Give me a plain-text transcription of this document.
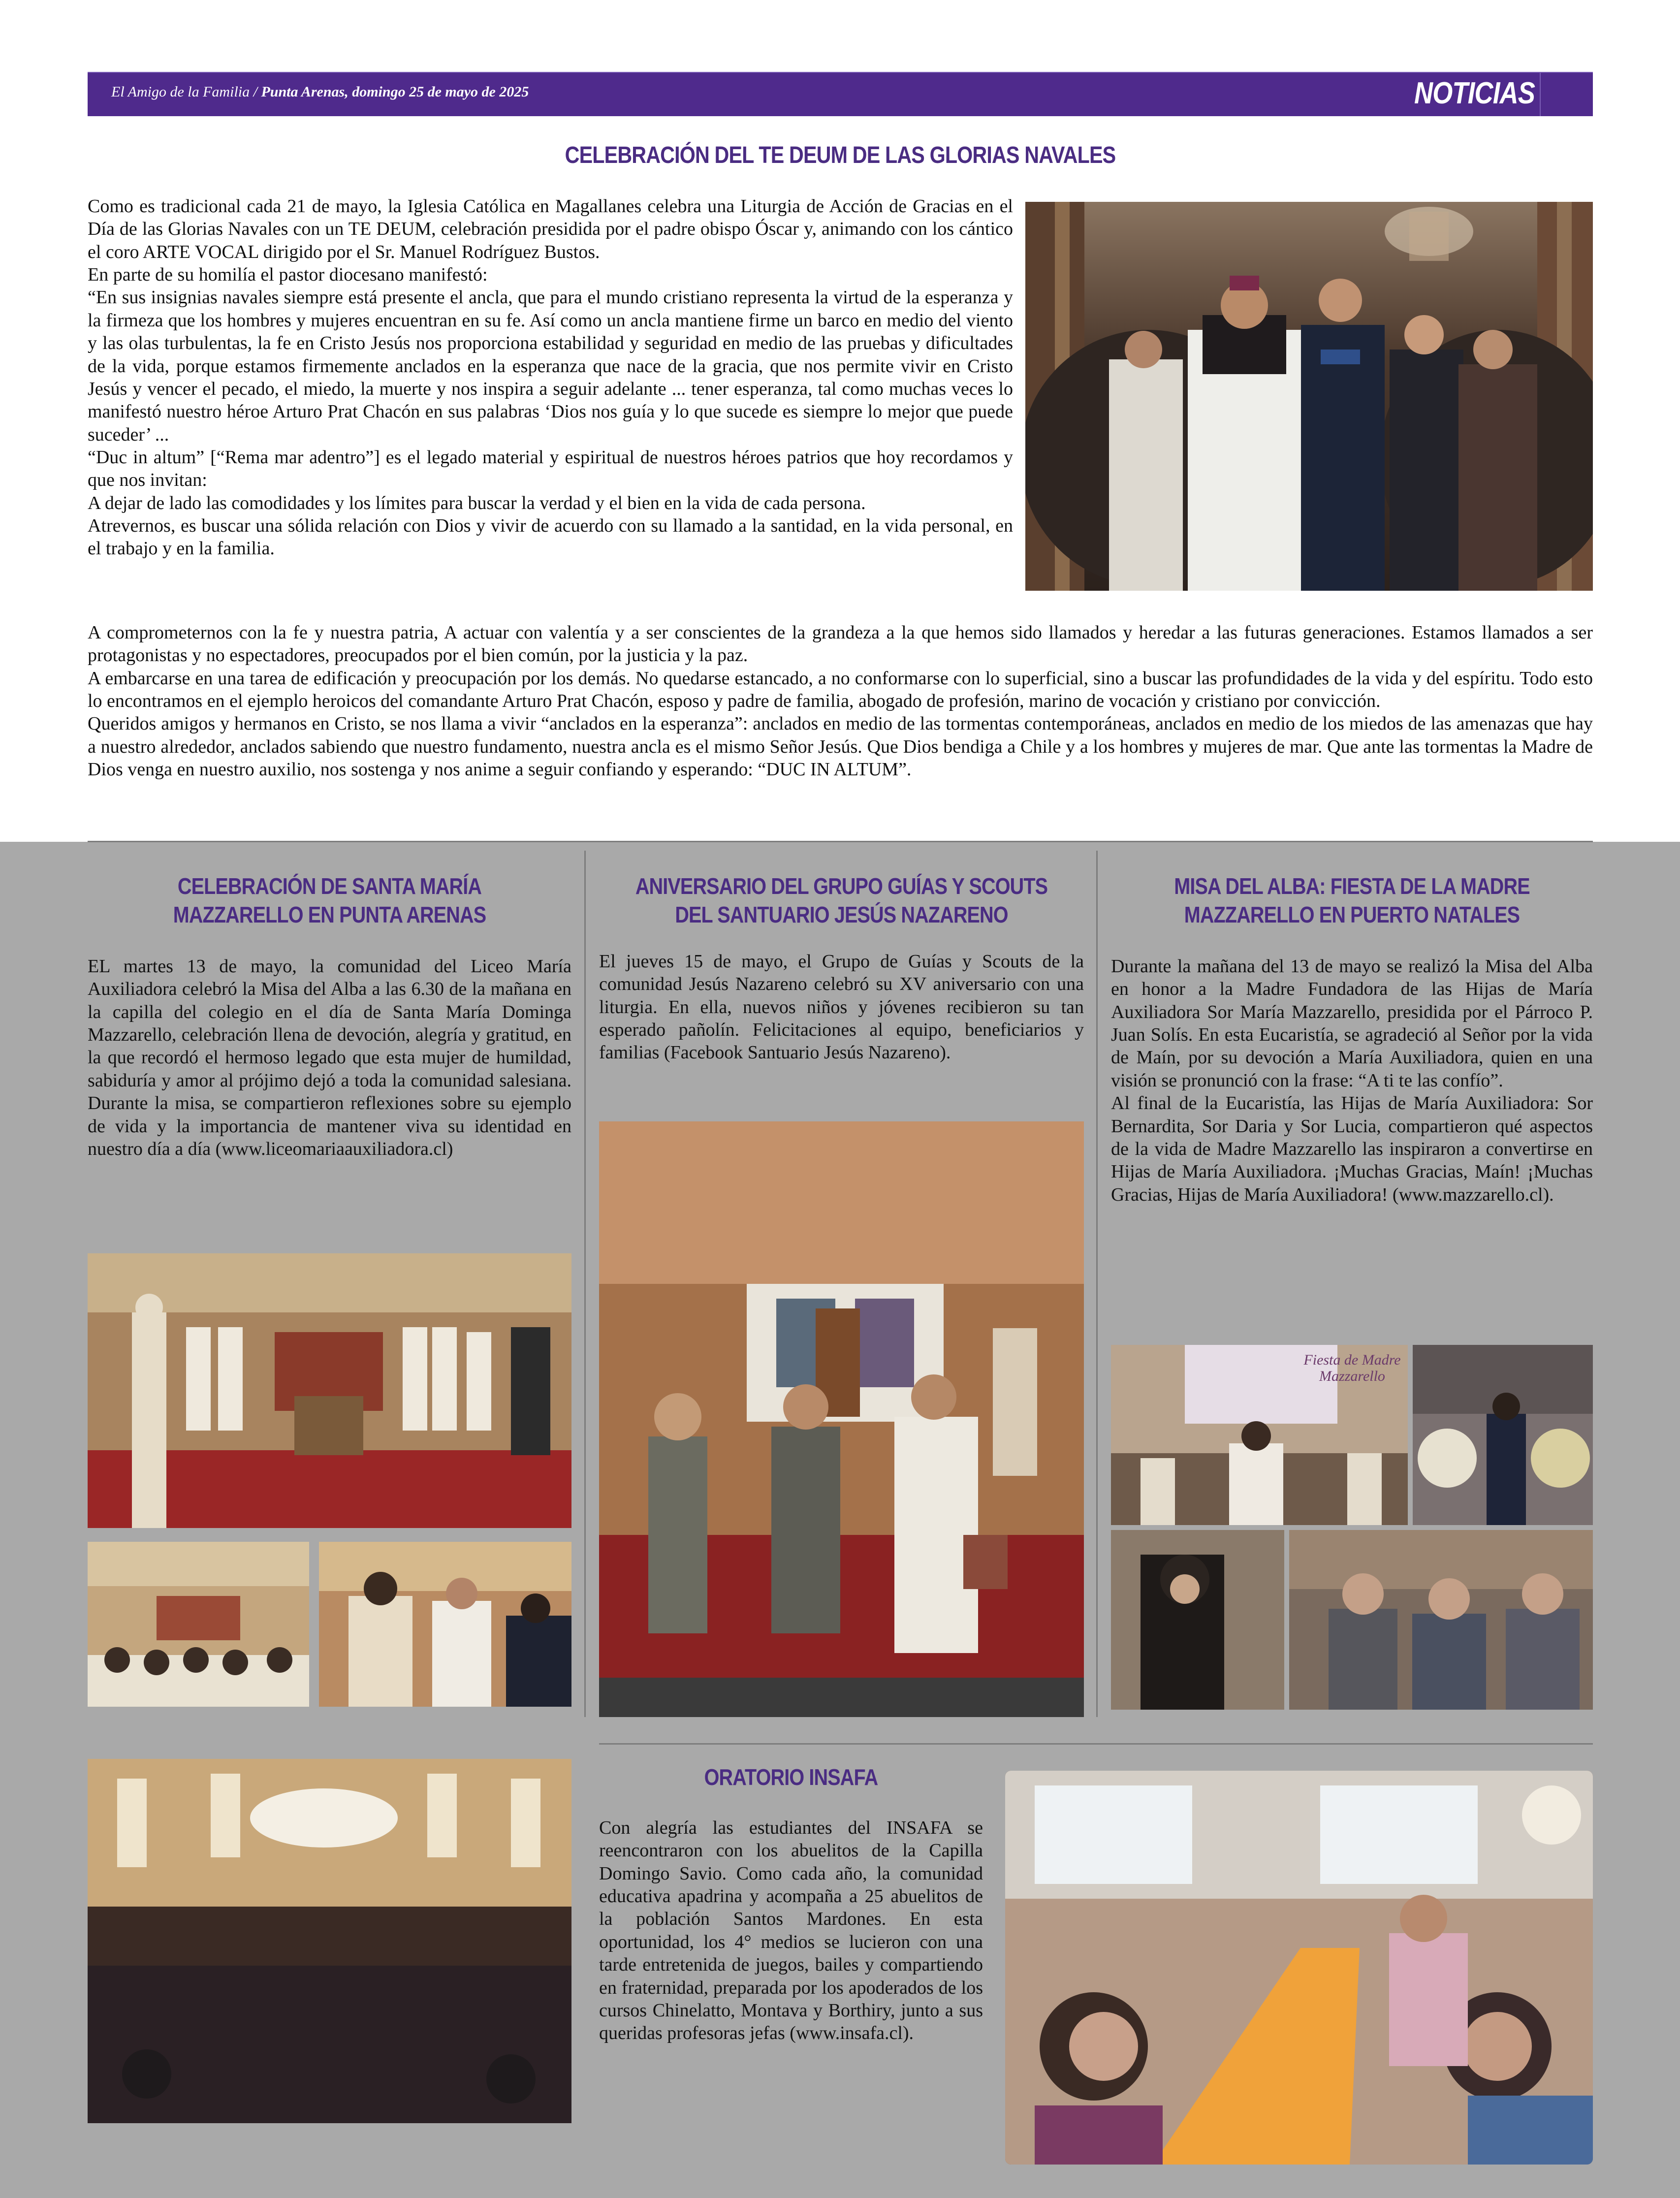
El Amigo de la Familia / Punta Arenas, domingo 25 de mayo de 2025	NOTICIAS
CELEBRACIÓN DEL TE DEUM DE LAS GLORIAS NAVALES

Como es tradicional cada 21 de mayo, la Iglesia Católica en Magallanes celebra una Liturgia de Acción de Gracias en el Día de las Glorias Navales con un TE DEUM, celebración presidida por el padre obispo Óscar y, animando con los cántico el coro ARTE VOCAL dirigido por el Sr. Manuel Rodríguez Bustos.

En parte de su homilía el pastor diocesano manifestó:

“En sus insignias navales siempre está presente el ancla, que para el mundo cristiano representa la virtud de la esperanza y la firmeza que los hombres y mujeres encuentran en su fe. Así como un ancla mantiene firme un barco en medio del viento y las olas turbulentas, la fe en Cristo Jesús nos proporciona estabilidad y seguridad en medio de las pruebas y dificultades de la vida, porque estamos firmemente anclados en la esperanza que nace de la gracia, que nos permite vivir en Cristo Jesús y vencer el pecado, el miedo, la muerte y nos inspira a seguir adelante ... tener esperanza, tal como muchas veces lo manifestó nuestro héroe Arturo Prat Chacón en sus palabras ‘Dios nos guía y lo que sucede es siempre lo mejor que puede suceder’ ...

“Duc in altum” [“Rema mar adentro”] es el legado material y espiritual de nuestros héroes patrios que hoy recordamos y que nos invitan:

A dejar de lado las comodidades y los límites para buscar la verdad y el bien en la vida de cada persona.

Atrevernos, es buscar una sólida relación con Dios y vivir de acuerdo con su llamado a la santidad, en la vida personal, en el trabajo y en la familia.

A comprometernos con la fe y nuestra patria, A actuar con valentía y a ser conscientes de la grandeza a la que hemos sido llamados y heredar a las futuras generaciones. Estamos llamados a ser protagonistas y no espectadores, preocupados por el bien común, por la justicia y la paz.

A embarcarse en una tarea de edificación y preocupación por los demás. No quedarse estancado, a no conformarse con lo superficial, sino a buscar las profundidades de la vida y del espíritu. Todo esto lo encontramos en el ejemplo heroicos del comandante Arturo Prat Chacón, esposo y padre de familia, abogado de profesión, marino de vocación y cristiano por convicción.

Queridos amigos y hermanos en Cristo, se nos llama a vivir “anclados en la esperanza”: anclados en medio de las tormentas contemporáneas, anclados en medio de los miedos de las amenazas que hay a nuestro alrededor, anclados sabiendo que nuestro fundamento, nuestra ancla es el mismo Señor Jesús. Que Dios bendiga a Chile y a los hombres y mujeres de mar. Que ante las tormentas la Madre de Dios venga en nuestro auxilio, nos sostenga y nos anime a seguir confiando y esperando: “DUC IN ALTUM”.

CELEBRACIÓN DE SANTA MARÍA MAZZARELLO EN PUNTA ARENAS
EL martes 13 de mayo, la comunidad del Liceo María Auxiliadora celebró la Misa del Alba a las 6.30 de la mañana en la capilla del colegio en el día de Santa María Dominga Mazzarello, celebración llena de devoción, alegría y gratitud, en la que recordó el hermoso legado que esta mujer de humildad, sabiduría y amor al prójimo dejó a toda la comunidad salesiana. Durante la misa, se compartieron reflexiones sobre su ejemplo de vida y la importancia de mantener viva su identidad en nuestro día a día (www.liceomariaauxiliadora.cl)
ANIVERSARIO DEL GRUPO GUÍAS Y SCOUTS DEL SANTUARIO JESÚS NAZARENO
El jueves 15 de mayo, el Grupo de Guías y Scouts de la comunidad Jesús Nazareno celebró su XV aniversario con una liturgia. En ella, nuevos niños y jóvenes recibieron su tan esperado pañolín. Felicitaciones al equipo, beneficiarios y familias (Facebook Santuario Jesús Nazareno).
MISA DEL ALBA: FIESTA DE LA MADRE MAZZARELLO EN PUERTO NATALES

Durante la mañana del 13 de mayo se realizó la Misa del Alba en honor a la Madre Fundadora de las Hijas de María Auxiliadora Sor María Mazzarello, presidida por el Párroco P. Juan Solís. En esta Eucaristía, se agradeció al Señor por la vida de Maín, por su devoción a María Auxiliadora, quien en una visión se pronunció con la frase: “A ti te las confío”.

Al final de la Eucaristía, las Hijas de María Auxiliadora: Sor Bernardita, Sor Daria y Sor Lucia, compartieron qué aspectos de la vida de Madre Mazzarello las inspiraron a convertirse en Hijas de María Auxiliadora. ¡Muchas Gracias, Maín! ¡Muchas Gracias, Hijas de María Auxiliadora! (www.mazzarello.cl).

Fiesta de Madre Mazzarello
ORATORIO INSAFA
Con alegría las estudiantes del INSAFA se reencontraron con los abuelitos de la Capilla Domingo Savio. Como cada año, la comunidad educativa apadrina y acompaña a 25 abuelitos de la población Santos Mardones. En esta oportunidad, los 4° medios se lucieron con una tarde entretenida de juegos, bailes y compartiendo en fraternidad, preparada por los apoderados de los cursos Chinelatto, Montava y Borthiry, junto a sus queridas profesoras jefas (www.insafa.cl).
